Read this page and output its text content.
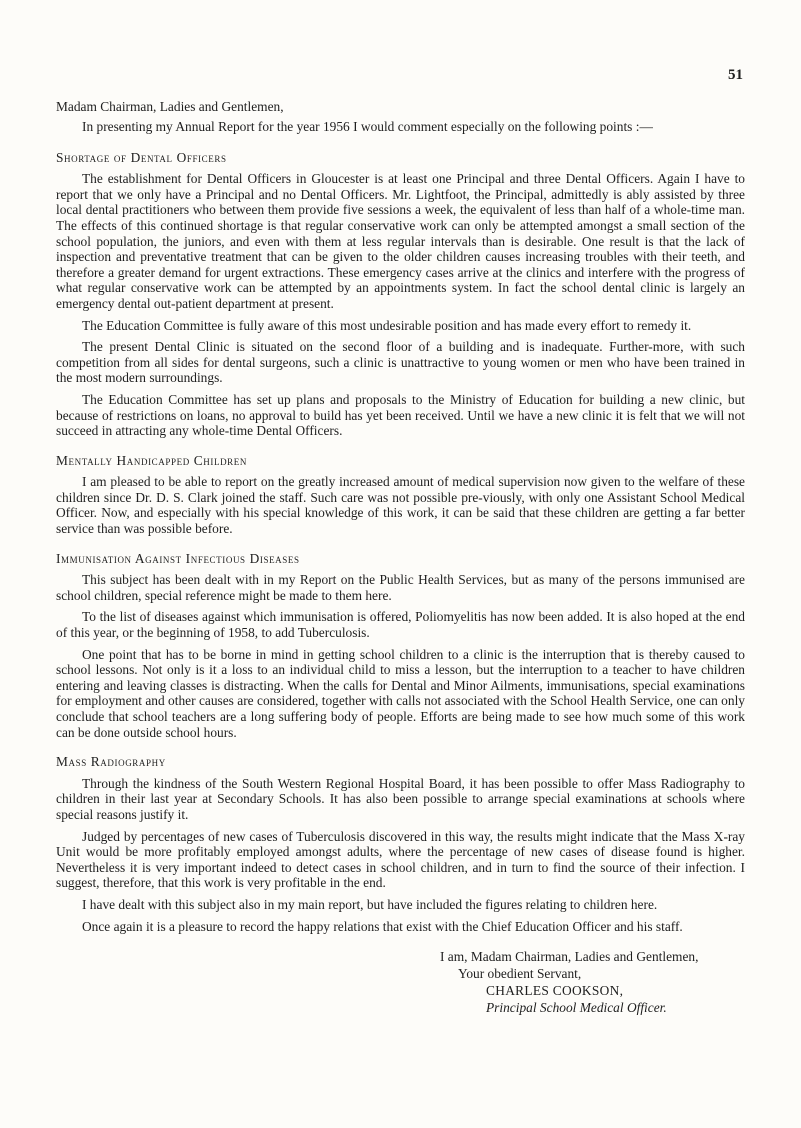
51
Madam Chairman, Ladies and Gentlemen,

In presenting my Annual Report for the year 1956 I would comment especially on the following points :—

Shortage of Dental Officers

The establishment for Dental Officers in Gloucester is at least one Principal and three Dental Officers. Again I have to report that we only have a Principal and no Dental Officers. Mr. Lightfoot, the Principal, admittedly is ably assisted by three local dental practitioners who between them provide five sessions a week, the equivalent of less than half of a whole-time man. The effects of this continued shortage is that regular conservative work can only be attempted amongst a small section of the school population, the juniors, and even with them at less regular intervals than is desirable. One result is that the lack of inspection and preventative treatment that can be given to the older children causes increasing troubles with their teeth, and therefore a greater demand for urgent extractions. These emergency cases arrive at the clinics and interfere with the progress of what regular conservative work can be attempted by an appointments system. In fact the school dental clinic is largely an emergency dental out-patient department at present.

The Education Committee is fully aware of this most undesirable position and has made every effort to remedy it.

The present Dental Clinic is situated on the second floor of a building and is inadequate. Further-more, with such competition from all sides for dental surgeons, such a clinic is unattractive to young women or men who have been trained in the most modern surroundings.

The Education Committee has set up plans and proposals to the Ministry of Education for building a new clinic, but because of restrictions on loans, no approval to build has yet been received. Until we have a new clinic it is felt that we will not succeed in attracting any whole-time Dental Officers.

Mentally Handicapped Children

I am pleased to be able to report on the greatly increased amount of medical supervision now given to the welfare of these children since Dr. D. S. Clark joined the staff. Such care was not possible pre-viously, with only one Assistant School Medical Officer. Now, and especially with his special knowledge of this work, it can be said that these children are getting a far better service than was possible before.

Immunisation Against Infectious Diseases

This subject has been dealt with in my Report on the Public Health Services, but as many of the persons immunised are school children, special reference might be made to them here.

To the list of diseases against which immunisation is offered, Poliomyelitis has now been added. It is also hoped at the end of this year, or the beginning of 1958, to add Tuberculosis.

One point that has to be borne in mind in getting school children to a clinic is the interruption that is thereby caused to school lessons. Not only is it a loss to an individual child to miss a lesson, but the interruption to a teacher to have children entering and leaving classes is distracting. When the calls for Dental and Minor Ailments, immunisations, special examinations for employment and other causes are considered, together with calls not associated with the School Health Service, one can only conclude that school teachers are a long suffering body of people. Efforts are being made to see how much some of this work can be done outside school hours.

Mass Radiography

Through the kindness of the South Western Regional Hospital Board, it has been possible to offer Mass Radiography to children in their last year at Secondary Schools. It has also been possible to arrange special examinations at schools where special reasons justify it.

Judged by percentages of new cases of Tuberculosis discovered in this way, the results might indicate that the Mass X-ray Unit would be more profitably employed amongst adults, where the percentage of new cases of disease found is higher. Nevertheless it is very important indeed to detect cases in school children, and in turn to find the source of their infection. I suggest, therefore, that this work is very profitable in the end.

I have dealt with this subject also in my main report, but have included the figures relating to children here.

Once again it is a pleasure to record the happy relations that exist with the Chief Education Officer and his staff.

I am, Madam Chairman, Ladies and Gentlemen,
Your obedient Servant,
CHARLES COOKSON,
Principal School Medical Officer.
